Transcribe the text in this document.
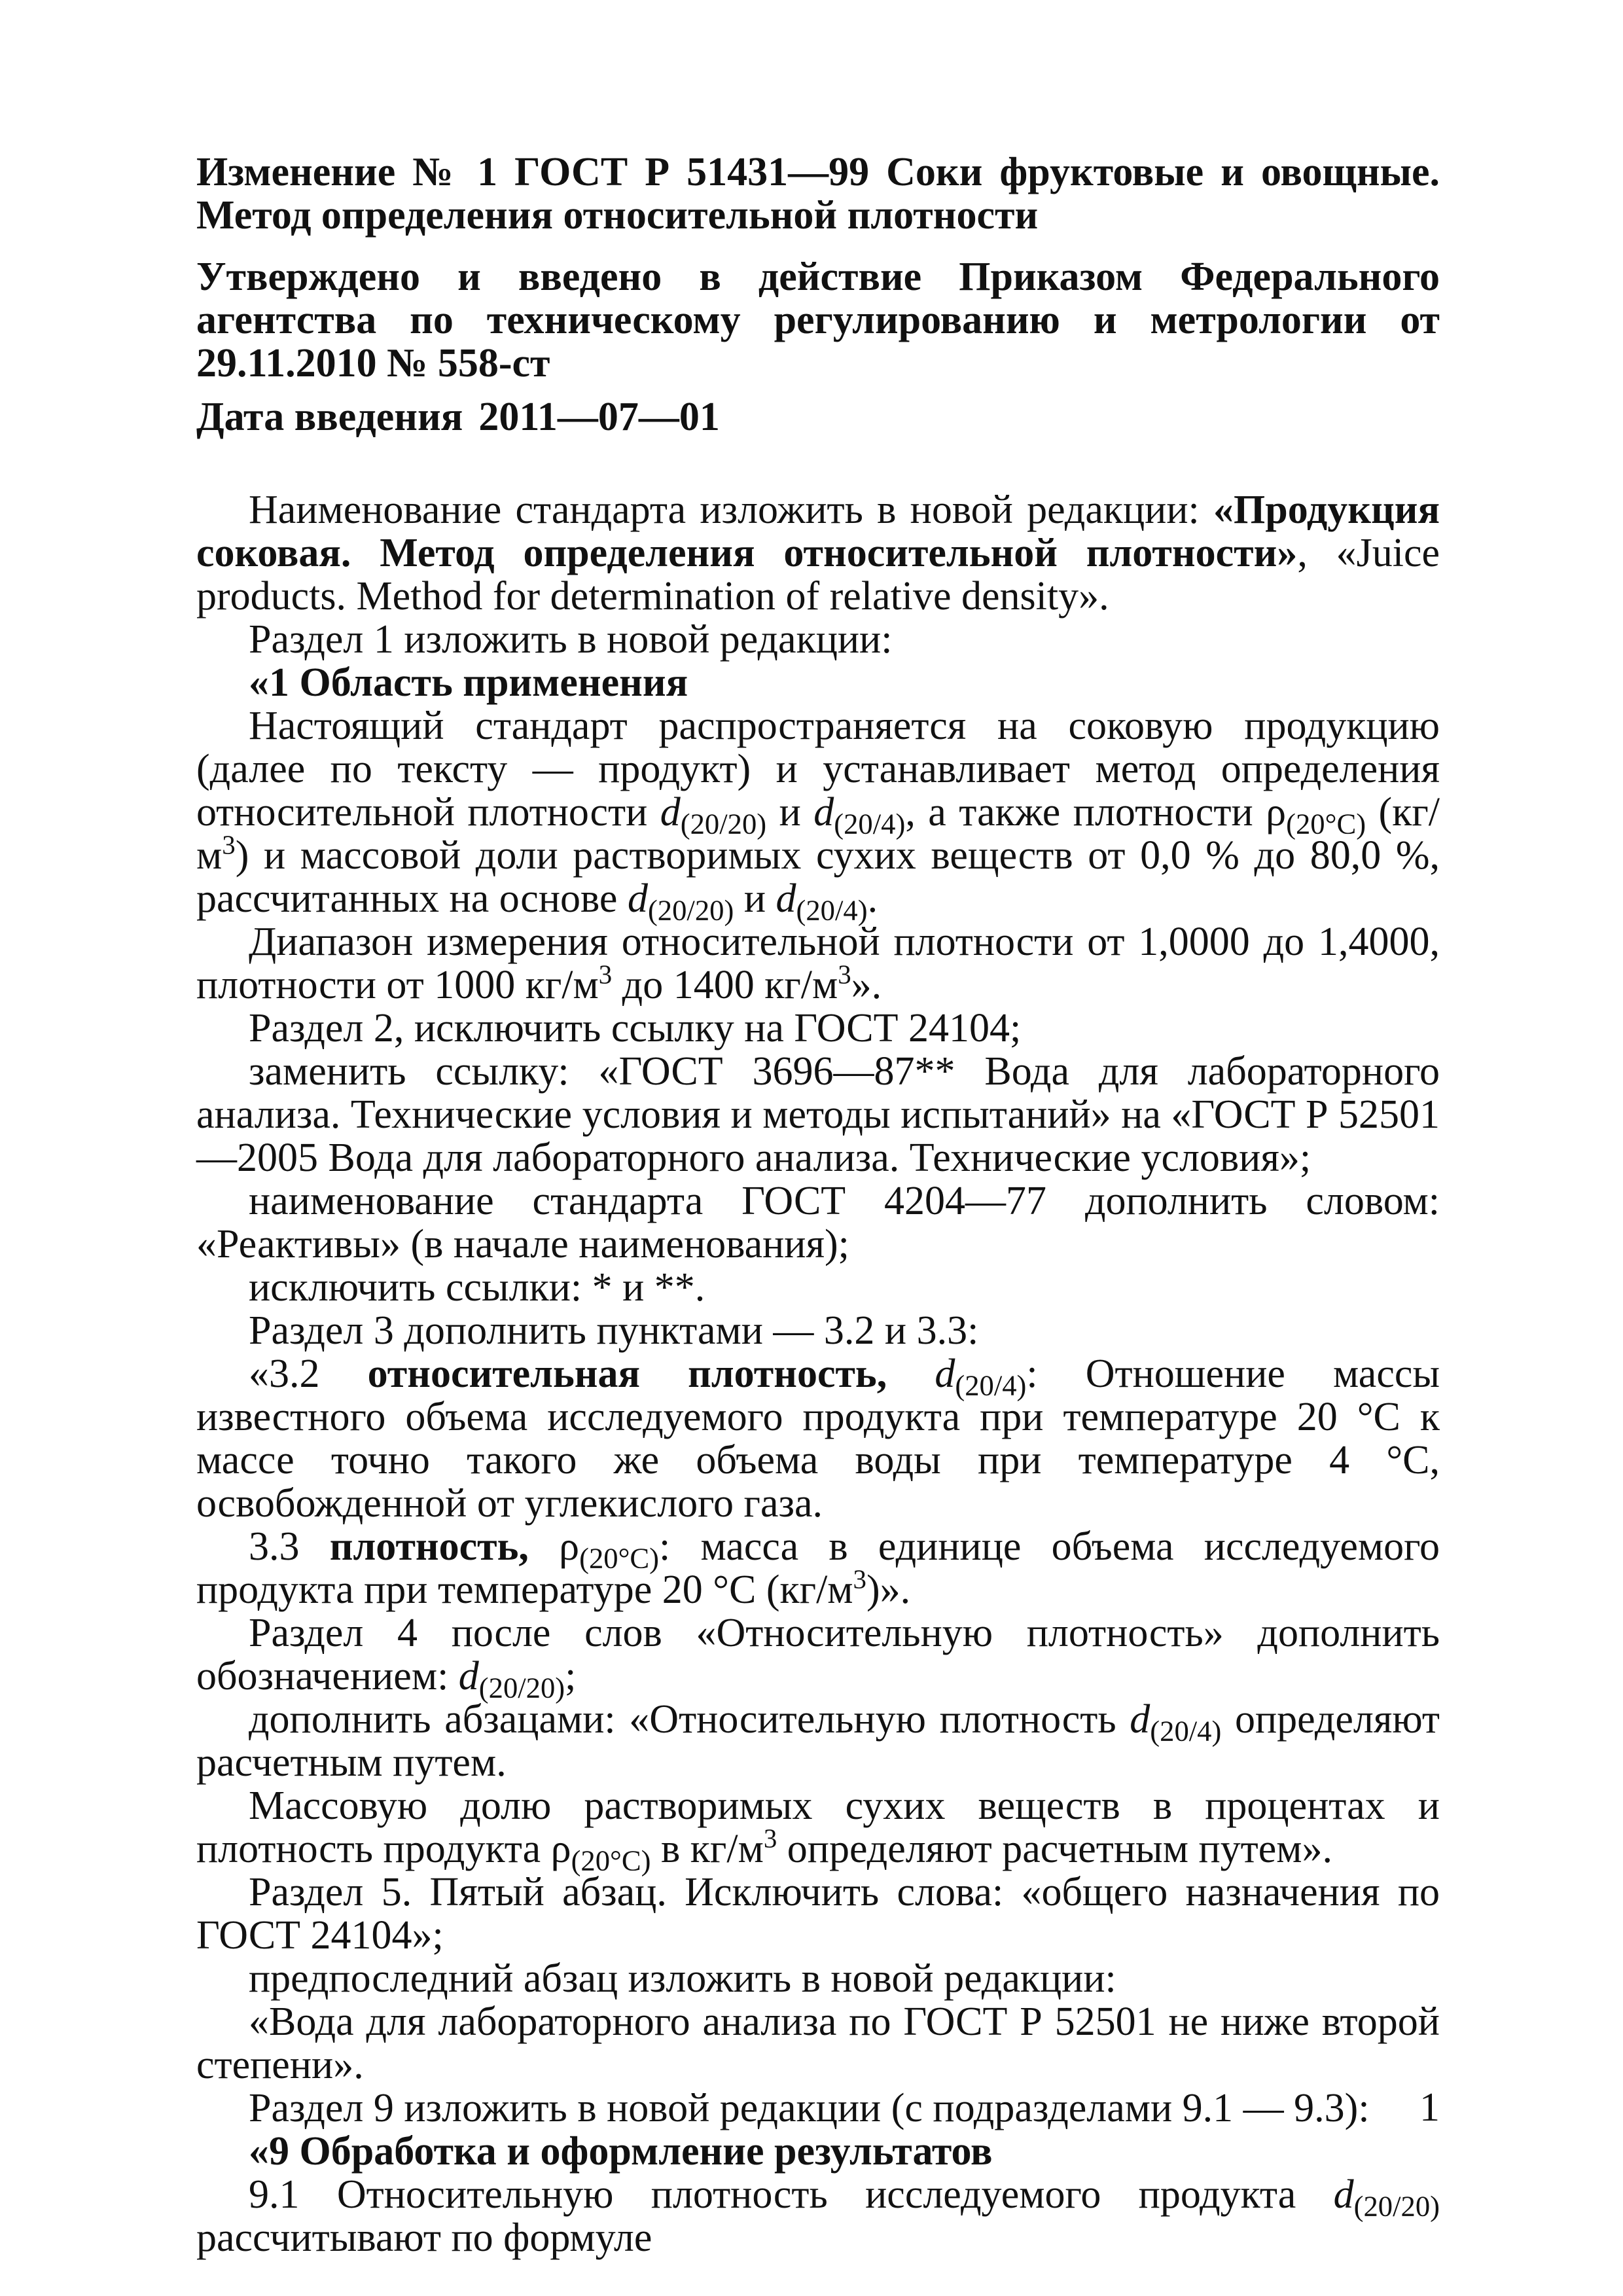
Изменение № 1 ГОСТ Р 51431—99 Соки фруктовые и овощные. Метод определения относительной плотности
Утверждено и введено в действие Приказом Федерального агентства по техническому регулированию и метрологии от 29.11.2010 № 558-ст
Дата введения 2011—07—01

Наименование стандарта изложить в новой редакции: «Продукция соковая. Метод определения относительной плотности», «Juice products. Method for determination of relative density».

Раздел 1 изложить в новой редакции:

«1 Область применения

Настоящий стандарт распространяется на соковую продукцию (далее по тексту — продукт) и устанавливает метод определения относительной плотности $d_{(20/20)}$ и $d_{(20/4)}$, а также плотности $\rho_{(20^\circ C)}$ $(кг/м^3)$ и массовой доли растворимых сухих веществ от 0,0 % до 80,0 %, рассчитанных на основе $d_{(20/20)}$ и $d_{(20/4)}$.

Диапазон измерения относительной плотности от 1,0000 до 1,4000, плотности от 1000 $кг/м^3$ до 1400 $кг/м^3$».

Раздел 2, исключить ссылку на ГОСТ 24104;

заменить ссылку: «ГОСТ 3696—87** Вода для лабораторного анализа. Технические условия и методы испытаний» на «ГОСТ Р 52501—2005 Вода для лабораторного анализа. Технические условия»;

наименование стандарта ГОСТ 4204—77 дополнить словом: «Реактивы» (в начале наименования);

исключить ссылки: * и **.

Раздел 3 дополнить пунктами — 3.2 и 3.3:

«3.2 относительная плотность, $d_{(20/4)}$: Отношение массы известного объема исследуемого продукта при температуре 20 °С к массе точно такого же объема воды при температуре 4 °С, освобожденной от углекислого газа.

3.3 плотность, $\rho_{(20^\circ C)}$: масса в единице объема исследуемого продукта при температуре 20 °С $(кг/м^3)$».

Раздел 4 после слов «Относительную плотность» дополнить обозначением: $d_{(20/20)}$;

дополнить абзацами: «Относительную плотность $d_{(20/4)}$ определяют расчетным путем.

Массовую долю растворимых сухих веществ в процентах и плотность продукта $\rho_{(20^\circ C)}$ в $кг/м^3$ определяют расчетным путем».

Раздел 5. Пятый абзац. Исключить слова: «общего назначения по ГОСТ 24104»;

предпоследний абзац изложить в новой редакции:

«Вода для лабораторного анализа по ГОСТ Р 52501 не ниже второй степени».

Раздел 9 изложить в новой редакции (с подразделами 9.1 — 9.3):

«9 Обработка и оформление результатов

9.1 Относительную плотность исследуемого продукта $d_{(20/20)}$ рассчитывают по формуле

1
